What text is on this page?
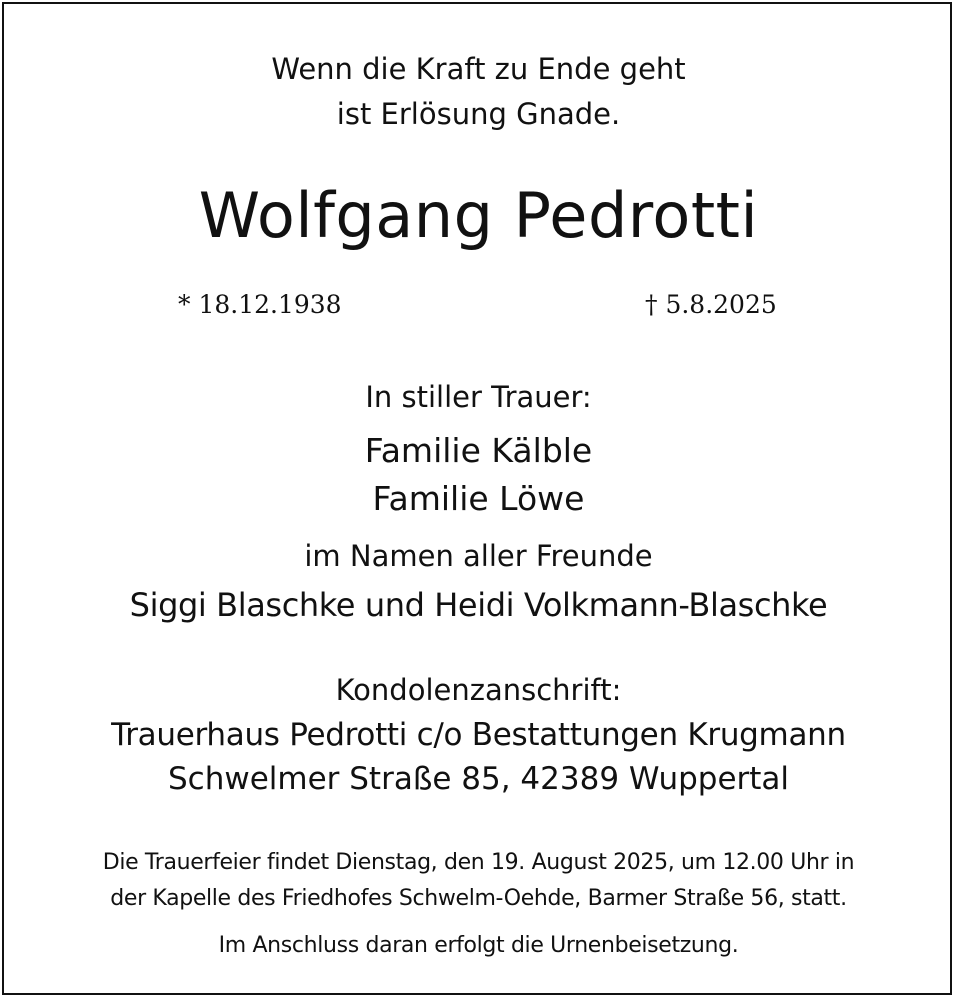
Wenn die Kraft zu Ende geht
ist Erlösung Gnade.
Wolfgang Pedrotti
* 18.12.1938	† 5.8.2025
In stiller Trauer:
Familie Kälble
Familie Löwe
im Namen aller Freunde
Siggi Blaschke und Heidi Volkmann-Blaschke
Kondolenzanschrift:
Trauerhaus Pedrotti c/o Bestattungen Krugmann
Schwelmer Straße 85, 42389 Wuppertal
Die Trauerfeier findet Dienstag, den 19. August 2025, um 12.00 Uhr in
der Kapelle des Friedhofes Schwelm-Oehde, Barmer Straße 56, statt.
Im Anschluss daran erfolgt die Urnenbeisetzung.
